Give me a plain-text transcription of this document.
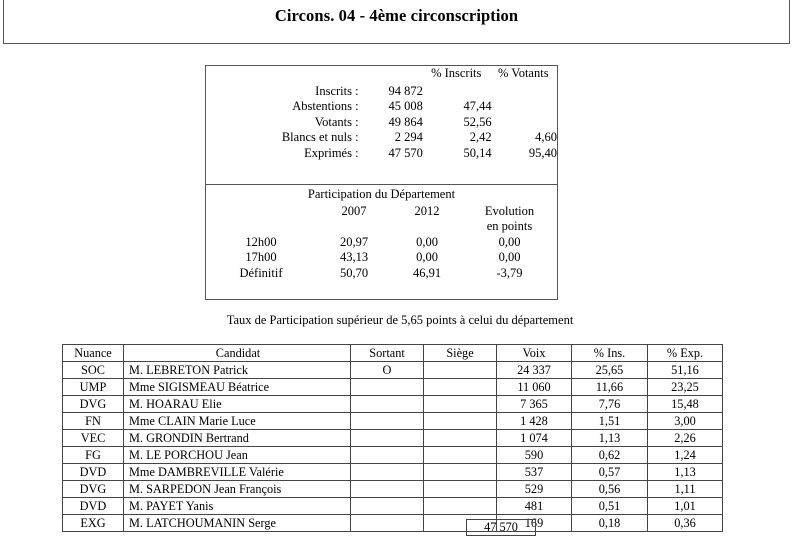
Circons. 04 - 4ème circonscription
		% Inscrits	% Votants
Inscrits :	94 872		
Abstentions :	45 008	47,44	
Votants :	49 864	52,56	
Blancs et nuls :	2 294	2,42	4,60
Exprimés :	47 570	50,14	95,40
Participation du Département			
	2007	2012	Evolution
			en points
12h00	20,97	0,00	0,00
17h00	43,13	0,00	0,00
Définitif	50,70	46,91	-3,79
Taux de Participation supérieur de 5,65 points à celui du département
Nuance	Candidat	Sortant	Siège	Voix	% Ins.	% Exp.
SOC	M. LEBRETON Patrick	O		24 337	25,65	51,16
UMP	Mme SIGISMEAU Béatrice			11 060	11,66	23,25
DVG	M. HOARAU Elie			7 365	7,76	15,48
FN	Mme CLAIN Marie Luce			1 428	1,51	3,00
VEC	M. GRONDIN Bertrand			1 074	1,13	2,26
FG	M. LE PORCHOU Jean			590	0,62	1,24
DVD	Mme DAMBREVILLE Valérie			537	0,57	1,13
DVG	M. SARPEDON Jean François			529	0,56	1,11
DVD	M. PAYET Yanis			481	0,51	1,01
EXG	M. LATCHOUMANIN Serge			169	0,18	0,36
47 570
